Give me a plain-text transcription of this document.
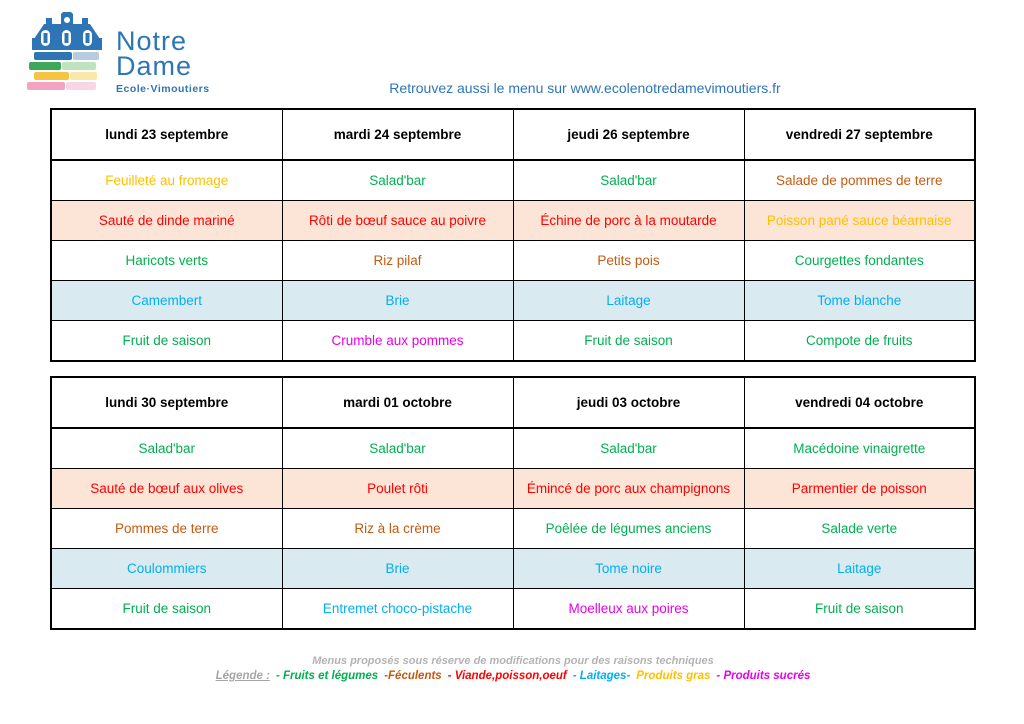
Notre
Dame
Ecole·Vimoutiers	Retrouvez aussi le menu sur www.ecolenotredamevimoutiers.fr
lundi 23 septembre	mardi 24 septembre	jeudi 26 septembre	vendredi 27 septembre
Feuilleté au fromage	Salad'bar	Salad'bar	Salade de pommes de terre
Sauté de dinde mariné	Rôti de bœuf sauce au poivre	Échine de porc à la moutarde	Poisson pané sauce béarnaise
Haricots verts	Riz pilaf	Petits pois	Courgettes fondantes
Camembert	Brie	Laitage	Tome blanche
Fruit de saison	Crumble aux pommes	Fruit de saison	Compote de fruits
lundi 30 septembre	mardi 01 octobre	jeudi 03 octobre	vendredi 04 octobre
Salad'bar	Salad'bar	Salad'bar	Macédoine vinaigrette
Sauté de bœuf aux olives	Poulet rôti	Émincé de porc aux champignons	Parmentier de poisson
Pommes de terre	Riz à la crème	Poêlée de légumes anciens	Salade verte
Coulommiers	Brie	Tome noire	Laitage
Fruit de saison	Entremet choco-pistache	Moelleux aux poires	Fruit de saison
Menus proposés sous réserve de modifications pour des raisons techniques
Légende : - Fruits et légumes -Féculents - Viande,poisson,oeuf - Laitages- Produits gras - Produits sucrés
